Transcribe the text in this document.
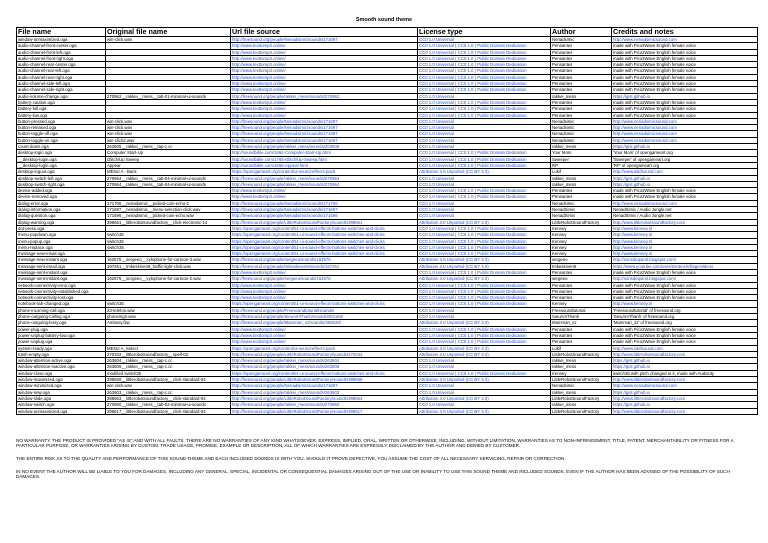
Smooth sound theme
File name	Original file name	Url file source	License type	Author	Credits and notes
window-unmaximized.oga	win-click.wav	http://freesound.org/people/Nenadsimic/sounds/171697	CC0 1.0 Universal	Nenadsimic	http://www.nenadsimicsound.com
audio-channel-front-center.oga		http://www.texttomp3.online/	CC0 1.0 Universal ( CC0 1.0 ) Public Domain Dedication	Pensantes	made with Pico2Wave English female voice
audio-channel-front-left.oga		http://www.texttomp3.online/	CC0 1.0 Universal ( CC0 1.0 ) Public Domain Dedication	Pensantes	made with Pico2Wave English female voice
audio-channel-front-right.oga		http://www.texttomp3.online/	CC0 1.0 Universal ( CC0 1.0 ) Public Domain Dedication	Pensantes	made with Pico2Wave English female voice
audio-channel-rear-center.oga		http://www.texttomp3.online/	CC0 1.0 Universal ( CC0 1.0 ) Public Domain Dedication	Pensantes	made with Pico2Wave English female voice
audio-channel-rear-left.oga		http://www.texttomp3.online/	CC0 1.0 Universal ( CC0 1.0 ) Public Domain Dedication	Pensantes	made with Pico2Wave English female voice
audio-channel-rear-right.oga		http://www.texttomp3.online/	CC0 1.0 Universal ( CC0 1.0 ) Public Domain Dedication	Pensantes	made with Pico2Wave English female voice
audio-channel-side-left.oga		http://www.texttomp3.online/	CC0 1.0 Universal ( CC0 1.0 ) Public Domain Dedication	Pensantes	made with Pico2Wave English female voice
audio-channel-side-right.oga		http://www.texttomp3.online/	CC0 1.0 Universal ( CC0 1.0 ) Public Domain Dedication	Pensantes	made with Pico2Wave English female voice
audio-volume-change.oga	270962__rakkei__mess__tab-01-minimal-ui-sounds	http://freesound.org/people/rakkei_mess/sounds/270962	CC0 1.0 Universal	rakkei_mess	https://gist.github.io
battery-caution.oga		http://www.texttomp3.online/	CC0 1.0 Universal ( CC0 1.0 ) Public Domain Dedication	Pensantes	made with Pico2Wave English female voice
battery-full.oga		http://www.texttomp3.online/	CC0 1.0 Universal ( CC0 1.0 ) Public Domain Dedication	Pensantes	made with Pico2Wave English female voice
battery-low.oga		http://www.texttomp3.online/	CC0 1.0 Universal ( CC0 1.0 ) Public Domain Dedication	Pensantes	made with Pico2Wave English female voice
button-pressed.oga	win-click.wav	http://freesound.org/people/Nenadsimic/sounds/171697	CC0 1.0 Universal	Nenadsimic	http://www.nenadsimicsound.com
button-released.oga	win-click.wav	http://freesound.org/people/Nenadsimic/sounds/171697	CC0 1.0 Universal	Nenadsimic	http://www.nenadsimicsound.com
button-toggle-off.oga	win-click.wav	http://freesound.org/people/Nenadsimic/sounds/171697	CC0 1.0 Universal	Nenadsimic	http://www.nenadsimicsound.com
button-toggle-on.oga	win-click2.wav	http://freesound.org/people/Nenadsimic/sounds/171697	CC0 1.0 Universal	Nenadsimic	http://www.nenadsimicsound.com
count-down.oga	263605__rakkei__mess__tap-c.cc	http://freesound.org/people/rakkei_mess/sounds/263605	CC0 1.0 Universal	rakkei_mess	https://gist.github.io
desktop-login.oga	Computer Start-Up	http://soundbible.com/1664-Computer-Start-Up.html	CC0 1.0 Universal ( CC0 1.0 ) Public Domain Dedication	Your Mom	'Your Mom' of opengameart.org
__desktop-login.oga	Glitch/Up Sweep	http://soundbible.com/1765-Glitch/Up-Sweep.html	CC0 1.0 Universal ( CC0 1.0 ) Public Domain Dedication	Sweeper	'Sweeper' of opengameart.org
__desktop-login.oga	Appear	http://soundbible.com/1666-Appear.html	CC0 1.0 Universal ( CC0 1.0 ) Public Domain Dedication	RP	'RP' of opengameart.org
desktop-logout.oga	MENU A - Back	https://opengameart.org/content/ui-sound-effects-pack	Attribution 3.0 Unported (CC BY 3.0)	Lokif	http://www.lokifsound.com
desktop-switch-left.oga	270964__rakkei__mess__tab-04-minimal-ui-sounds	http://freesound.org/people/rakkei_mess/sounds/270964	CC0 1.0 Universal	rakkei_mess	https://gist.github.io
desktop-switch-right.oga	270964__rakkei__mess__tab-04-minimal-ui-sounds	http://freesound.org/people/rakkei_mess/sounds/270964	CC0 1.0 Universal	rakkei_mess	https://gist.github.io
device-added.oga		http://www.texttomp3.online/	CC0 1.0 Universal ( CC0 1.0 ) Public Domain Dedication	Pensantes	made with Pico2Wave English female voice
device-removed.oga		http://www.texttomp3.online/	CC0 1.0 Universal ( CC0 1.0 ) Public Domain Dedication	Pensantes	made with Pico2Wave English female voice
dialog-error.oga	171706__nenadsimic__picked-coin-echo-2	http://freesound.org/people/Nenadsimic/sounds/171706	CC0 1.0 Universal	Nenadsimic	http://www.nenadsimicsound.com
dialog-information.oga	171697__nenadsimic__menu-selection-click.wav	http://freesound.org/people/Nenadsimic/sounds/171697	CC0 1.0 Universal	NenadSimic	NenadSimic / Audio Jungle.net
dialog-question.oga	171696__nenadsimic__picked-coin-echo.wav	http://freesound.org/people/Nenadsimic/sounds/171696	CC0 1.0 Universal	NenadSimic	NenadSimic / Audio Jungle.net
dialog-warning.oga	398661__littlerobotsoundfactory__click-electronic-14	http://freesound.org/people/LittleRobotSoundFactory/sounds/398661	Attribution 3.0 Unported (CC BY 3.0)	LittleRobotSoundFactory	http://www.littlerobotsoundfactory.com
dot-press.oga		https://opengameart.org/content/51-ui-sound-effects-buttons-switches-and-clicks	CC0 1.0 Universal ( CC0 1.0 ) Public Domain Dedication	Kenney	http://www.kenney.nl
menu-popdown.oga	switch35	https://opengameart.org/content/51-ui-sound-effects-buttons-switches-and-clicks	CC0 1.0 Universal ( CC0 1.0 ) Public Domain Dedication	Kenney	http://www.kenney.nl
menu-popup.oga	switch35	https://opengameart.org/content/51-ui-sound-effects-buttons-switches-and-clicks	CC0 1.0 Universal ( CC0 1.0 ) Public Domain Dedication	Kenney	http://www.kenney.nl
menu-replace.oga	switch35	https://opengameart.org/content/51-ui-sound-effects-buttons-switches-and-clicks	CC0 1.0 Universal ( CC0 1.0 ) Public Domain Dedication	Kenney	http://www.kenney.nl
message-new-email.oga		https://opengameart.org/content/51-ui-sound-effects-buttons-switches-and-clicks	CC0 1.0 Universal ( CC0 1.0 ) Public Domain Dedication	Kenney	http://www.kenney.nl
message-new-instant.oga	162575__sergeeo__xylophone-for-cartoon-3.wav	http://freesound.org/people/sergeeo/sounds/162575	Attribution 3.0 Unported (CC BY 3.0)	sergeeo	http://sonsdequirol.blogspot.com/
message-sent-email.oga	197261__tmkeskinen9_traffic-light-click.wav	http://freesound.org/people/tmkeskinen9/sounds/197261	Attribution 3.0 Unported (CC BY 3.0)	tmkeskinen9	https://www.youtube.com/user/ZentinelVillage/videos
message-sent-instant.oga		http://www.texttomp3.online/	CC0 1.0 Universal ( CC0 1.0 ) Public Domain Dedication	Pensantes	made with Pico2Wave English female voice
message-sent-instant.oga	162576__sergeeo__xylophone-for-cartoon-2.wav	http://freesound.org/people/sergeeo/sounds/162576	Attribution 3.0 Unported (CC BY 3.0)	sergeeo	http://sonsdequirol.blogspot.com/
network-connectivity-error.oga		http://www.texttomp3.online/	CC0 1.0 Universal ( CC0 1.0 ) Public Domain Dedication	Pensantes	made with Pico2Wave English female voice
network-connectivity-established.oga		http://www.texttomp3.online/	CC0 1.0 Universal ( CC0 1.0 ) Public Domain Dedication	Pensantes	made with Pico2Wave English female voice
network-connectivity-lost.oga		http://www.texttomp3.online/	CC0 1.0 Universal ( CC0 1.0 ) Public Domain Dedication	Pensantes	made with Pico2Wave English female voice
notebook-tab-changed.oga	switch35	https://opengameart.org/content/51-ui-sound-effects-buttons-switches-and-clicks	CC0 1.0 Universal ( CC0 1.0 ) Public Domain Dedication	Kenney	http://www.kenney.nl
phone-incoming-call.oga	23-telefon.wav	http://freesound.org/people/Freesoundtutorial/sounds/	CC0 1.0 Universal	Freesoundtutorial	'Freesoundtutorial' of freesound.org
phone-outgoing-calling.oga	phoneing3.wav	http://freesound.org/people/SieuAmThanh/sounds/361182/	CC0 1.0 Universal	SieuAmThanh	'SieuAmThanh' of freesound.org
phone-outgoing-busy.oga	Ambusy.flac	http://freesound.org/people/Mamman_sz/sounds/360528/	Attribution 3.0 Unported (CC BY 3.0)	Mamman_sz	'Mamman_sz' of freesound.org
power-plug.oga		http://www.texttomp3.online/	CC0 1.0 Universal ( CC0 1.0 ) Public Domain Dedication	Pensantes	made with Pico2Wave English female voice
power-unplug-battery-low.oga		http://www.texttomp3.online/	CC0 1.0 Universal ( CC0 1.0 ) Public Domain Dedication	Pensantes	made with Pico2Wave English female voice
power-unplug.oga		http://www.texttomp3.online/	CC0 1.0 Universal ( CC0 1.0 ) Public Domain Dedication	Pensantes	made with Pico2Wave English female voice
system-ready.oga	MENU A_Select	https://opengameart.org/content/ui-sound-effects-pack	Attribution 3.0 Unported (CC BY 3.0)	Lokif	http://www.lokifsound.com
trash-empty.oga	270332__littlerobotsoundfactory__spell-02	http://freesound.org/people/LittleRobotSoundFactory/sounds/270332	Attribution 3.0 Unported (CC BY 3.0)	LittleRobotSoundFactory	http://www.littlerobotsoundfactory.com
window-attention-active.oga	263604__rakkei__mess__tap-c.cc	http://freesound.org/people/rakkei_mess/sounds/263604	CC0 1.0 Universal	rakkei_mess	https://gist.github.io
window-attention-inactive.oga	263606__rakkei__mess__tap-c.cc	http://freesound.org/people/rakkei_mess/sounds/263606	CC0 1.0 Universal	rakkei_mess	https://gist.github.io
window-close.oga	modified switch35	https://opengameart.org/content/51-ui-sound-effects-buttons-switches-and-clicks	CC0 1.0 Universal ( CC0 1.0 ) Public Domain Dedication	Kenney	switch35 with pitch changed to it, made with Audacity
window-maximized.oga	398659__littlerobotsoundfactory__click-standard-04	http://freesound.org/people/LittleRobotSoundFactory/sounds/398659	Attribution 3.0 Unported (CC BY 3.0)	LittleRobotSoundFactory	http://www.littlerobotsoundfactory.com
window-minimized.oga	win-click.wav	http://freesound.org/people/Nenadsimic/sounds/171697	CC0 1.0 Universal	Nenadsimic	http://www.nenadsimicsound.com
window-new.oga	263603__rakkei__mess__tap-c.cc	http://freesound.org/people/rakkei_mess/sounds/263603	CC0 1.0 Universal	rakkei_mess	https://gist.github.io
window-slide.oga	398663__littlerobotsoundfactory__click-standard-04	http://freesound.org/people/LittleRobotSoundFactory/sounds/398663	Attribution 3.0 Unported (CC BY 3.0)	LittleRobotSoundFactory	http://www.littlerobotsoundfactory.com
window-switch.oga	270960__rakkei__mess__tab-02-minimal-ui-sounds	http://freesound.org/people/rakkei_mess/sounds/270960	CC0 1.0 Universal	rakkei_mess	https://gist.github.io
window-unmaximized.oga	398617__littlerobotsoundfactory__click-standard-04	http://freesound.org/people/LittleRobotSoundFactory/sounds/398617	Attribution 3.0 Unported (CC BY 3.0)	LittleRobotSoundFactory	http://www.littlerobotsoundfactory.com
NO WARRANTY. THE PRODUCT IS PROVIDED "AS IS" AND WITH ALL FAULTS. THERE ARE NO WARRANTIES OF ANY KIND WHATSOEVER, EXPRESS, IMPLIED, ORAL, WRITTEN OR OTHERWISE, INCLUDING, WITHOUT LIMITATION, WARRANTIES AS TO NON-INFRINGEMENT, TITLE, PATENT, MERCHANTABILITY OR FITNESS FOR A PARTICULAR PURPOSE, OR WARRANTIES ARISING BY CUSTOM, TRADE USAGE, PROMISE, EXAMPLE OR DESCRIPTION, ALL OF WHICH WARRANTIES ARE EXPRESSLY DISCLAIMED BY THE AUTHOR AND DENIED BY CUSTOMER.
THE ENTIRE RISK AS TO THE QUALITY AND PERFORMANCE OF THIS SOUND THEME AND EACH INCLUDED SOUNDS IS WITH YOU. SHOULD IT PROVE DEFECTIVE, YOU ASSUME THE COST OF ALL NECESSARY SERVICING, REPAIR OR CORRECTION.
IN NO EVENT THE AUTHOR WILL BE LIABLE TO YOU FOR DAMAGES, INCLUDING ANY GENERAL, SPECIAL, INCIDENTAL OR CONSEQUENTIAL DAMAGES ARISING OUT OF THE USE OR INABILITY TO USE THIS SOUND THEME AND INCLUDED SOUNDS, EVEN IF THE AUTHOR HAS BEEN ADVISED OF THE POSSIBILITY OF SUCH DAMAGES.
